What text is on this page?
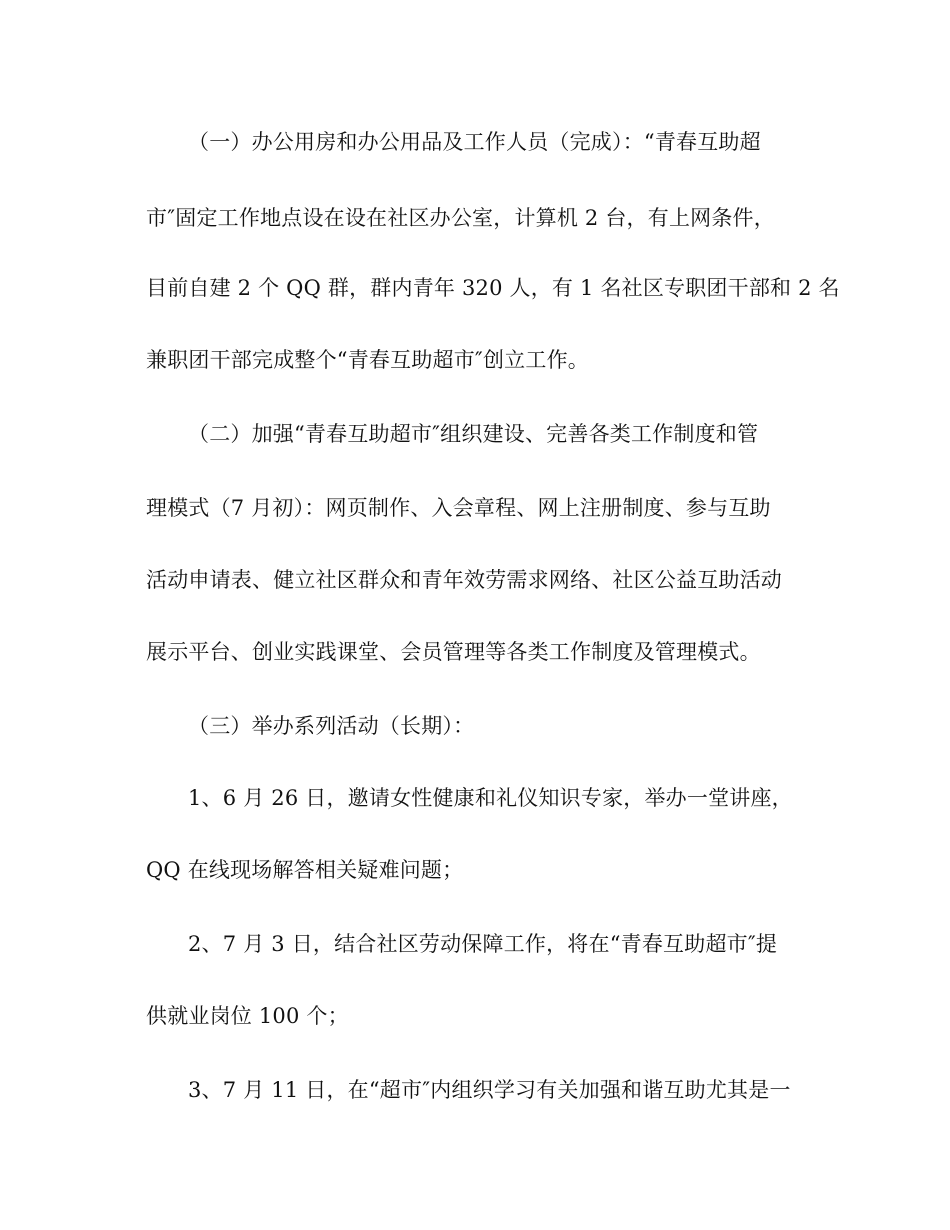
（一）办公用房和办公用品及工作人员（完成）：“青春互助超
市″固定工作地点设在设在社区办公室，计算机 2 台，有上网条件，
目前自建 2 个 QQ 群，群内青年 320 人，有 1 名社区专职团干部和 2 名
兼职团干部完成整个“青春互助超市″创立工作。
（二）加强“青春互助超市″组织建设、完善各类工作制度和管
理模式（7 月初）：网页制作、入会章程、网上注册制度、参与互助
活动申请表、健立社区群众和青年效劳需求网络、社区公益互助活动
展示平台、创业实践课堂、会员管理等各类工作制度及管理模式。
（三）举办系列活动（长期）：
1、6 月 26 日，邀请女性健康和礼仪知识专家，举办一堂讲座，
QQ 在线现场解答相关疑难问题；
2、7 月 3 日，结合社区劳动保障工作，将在“青春互助超市″提
供就业岗位 100 个；
3、7 月 11 日，在“超市″内组织学习有关加强和谐互助尤其是一
